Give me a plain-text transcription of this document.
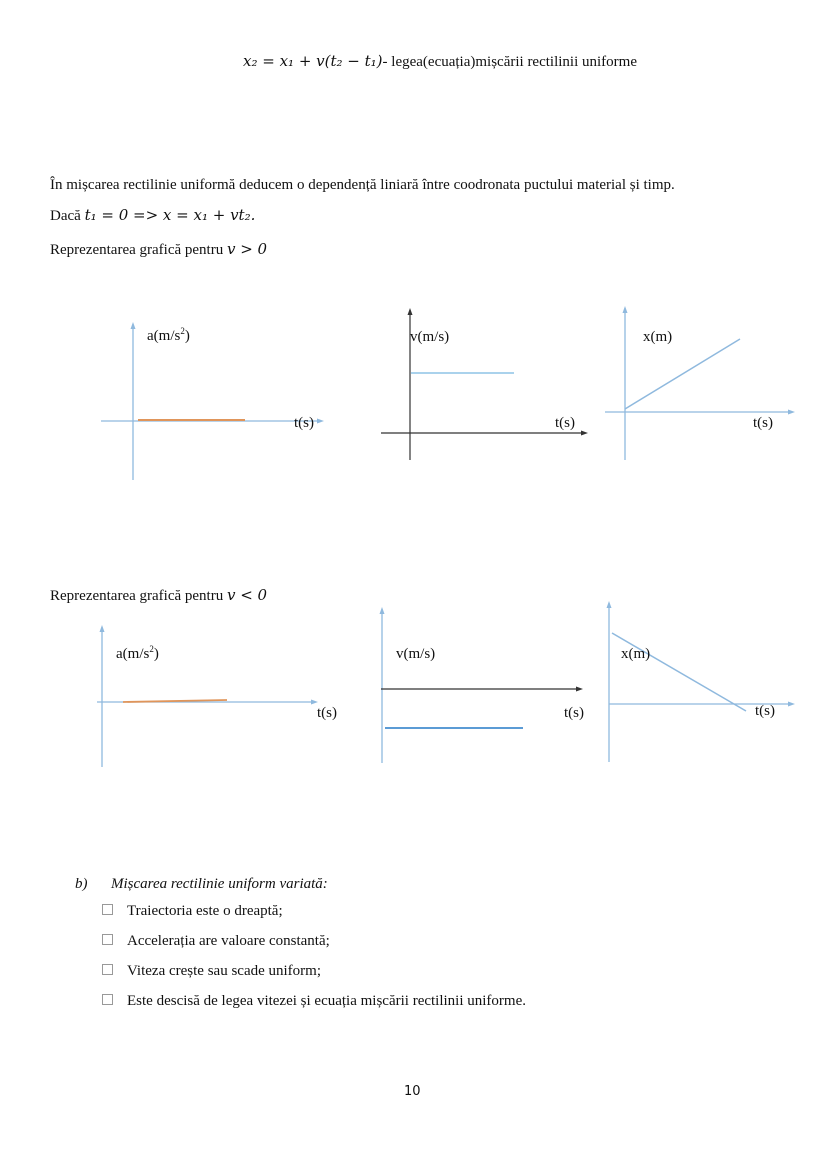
x₂ = x₁ + v(t₂ − t₁)- legea(ecuația)mișcării rectilinii uniforme
În mișcarea rectilinie uniformă deducem o dependență liniară între coodronata puctului material și timp.
Dacă t₁ = 0 => x = x₁ + vt₂.
Reprezentarea grafică pentru v > 0
$a(m/s^2)$
t(s)
v(m/s)
t(s)
x(m)
t(s)
Reprezentarea grafică pentru v < 0
$a(m/s^2)$
t(s)
v(m/s)
t(s)
x(m)
t(s)
b) Mișcarea rectilinie uniform variată:
Traiectoria este o dreaptă;
Accelerația are valoare constantă;
Viteza crește sau scade uniform;
Este descisă de legea vitezei și ecuația mișcării rectilinii uniforme.
10
